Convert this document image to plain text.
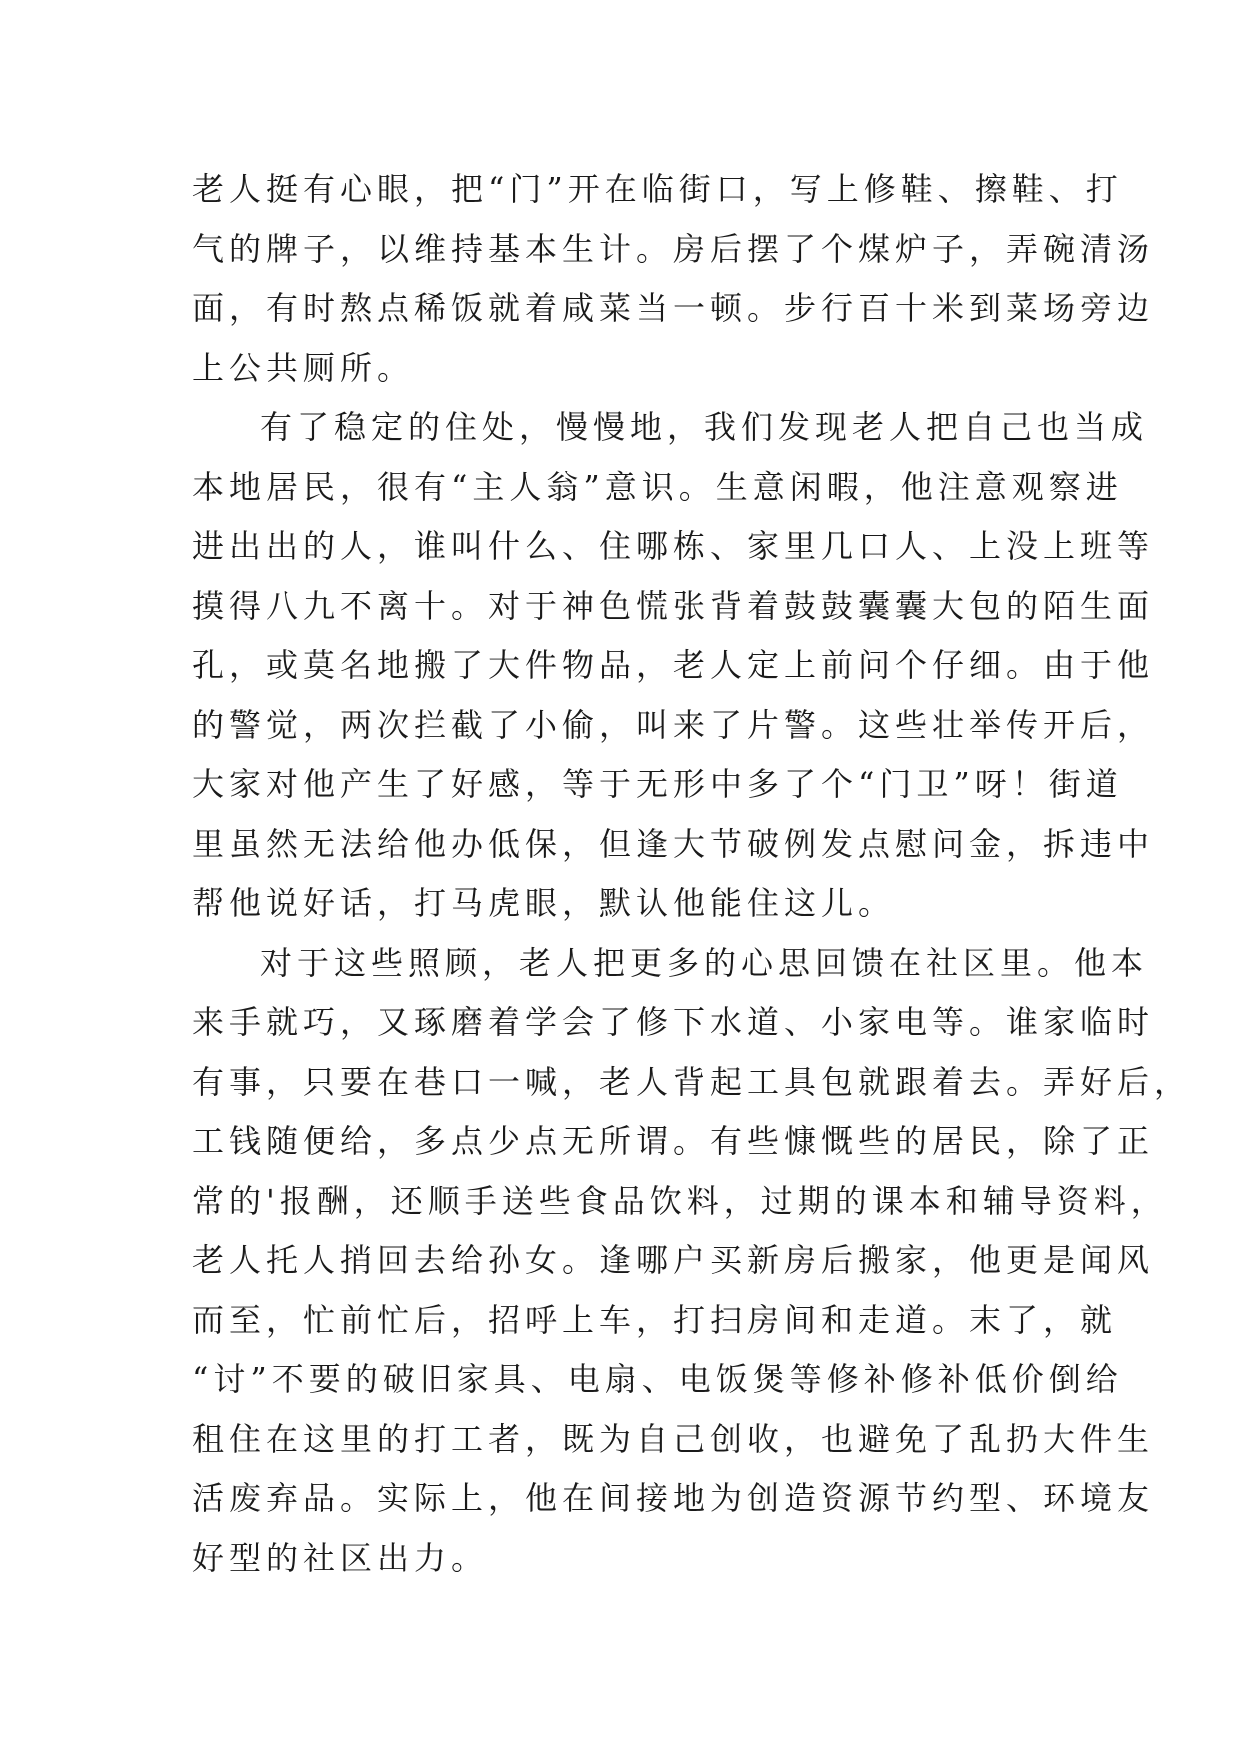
老人挺有心眼，把“门”开在临街口，写上修鞋、擦鞋、打
气的牌子，以维持基本生计。房后摆了个煤炉子，弄碗清汤
面，有时熬点稀饭就着咸菜当一顿。步行百十米到菜场旁边
上公共厕所。
有了稳定的住处，慢慢地，我们发现老人把自己也当成
本地居民，很有“主人翁”意识。生意闲暇，他注意观察进
进出出的人，谁叫什么、住哪栋、家里几口人、上没上班等
摸得八九不离十。对于神色慌张背着鼓鼓囊囊大包的陌生面
孔，或莫名地搬了大件物品，老人定上前问个仔细。由于他
的警觉，两次拦截了小偷，叫来了片警。这些壮举传开后，
大家对他产生了好感，等于无形中多了个“门卫”呀！街道
里虽然无法给他办低保，但逢大节破例发点慰问金，拆违中
帮他说好话，打马虎眼，默认他能住这儿。
对于这些照顾，老人把更多的心思回馈在社区里。他本
来手就巧，又琢磨着学会了修下水道、小家电等。谁家临时
有事，只要在巷口一喊，老人背起工具包就跟着去。弄好后，
工钱随便给，多点少点无所谓。有些慷慨些的居民，除了正
常的'报酬，还顺手送些食品饮料，过期的课本和辅导资料，
老人托人捎回去给孙女。逢哪户买新房后搬家，他更是闻风
而至，忙前忙后，招呼上车，打扫房间和走道。末了，就
“讨”不要的破旧家具、电扇、电饭煲等修补修补低价倒给
租住在这里的打工者，既为自己创收，也避免了乱扔大件生
活废弃品。实际上，他在间接地为创造资源节约型、环境友
好型的社区出力。
